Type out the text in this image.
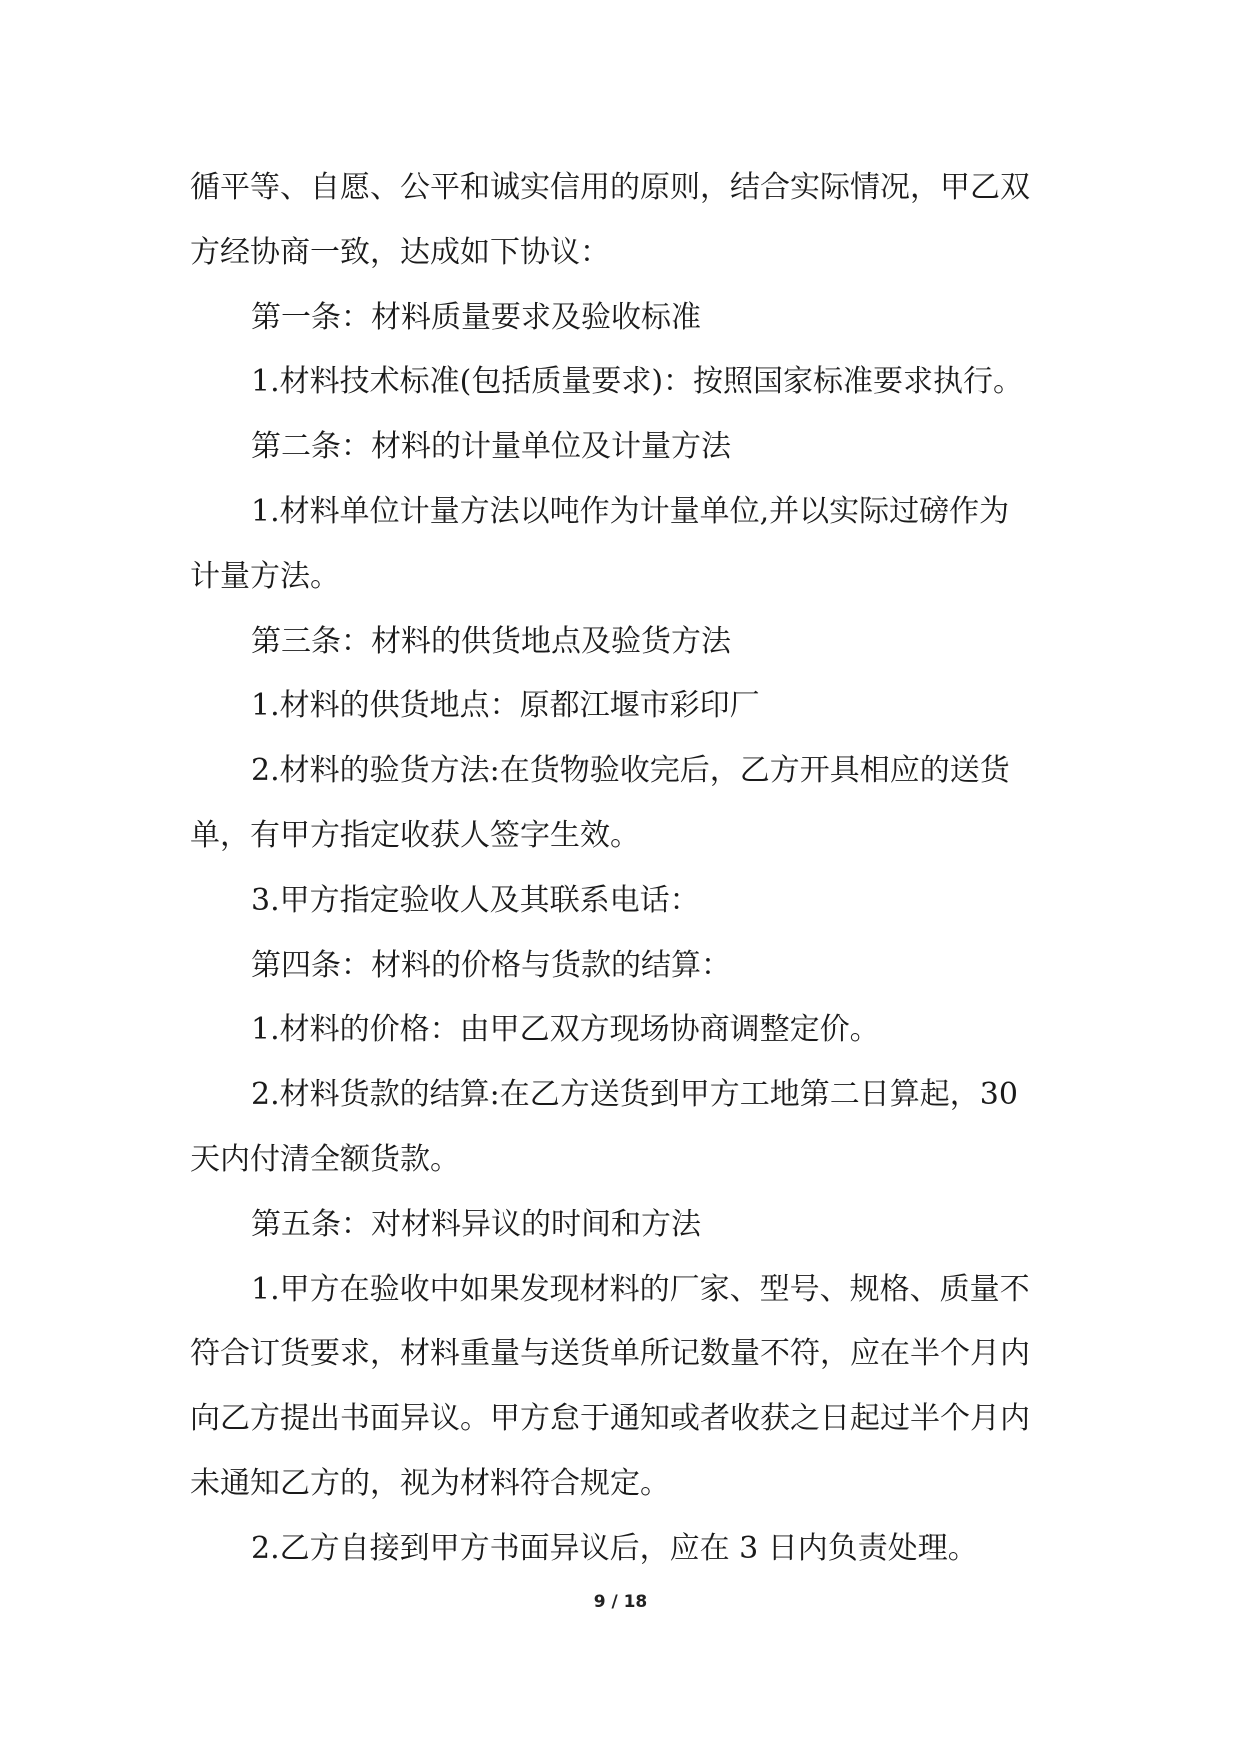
循平等、自愿、公平和诚实信用的原则，结合实际情况，甲乙双

方经协商一致，达成如下协议：

第一条：材料质量要求及验收标准

1.材料技术标准(包括质量要求)：按照国家标准要求执行。

第二条：材料的计量单位及计量方法

1.材料单位计量方法以吨作为计量单位,并以实际过磅作为

计量方法。

第三条：材料的供货地点及验货方法

1.材料的供货地点：原都江堰市彩印厂

2.材料的验货方法:在货物验收完后，乙方开具相应的送货

单，有甲方指定收获人签字生效。

3.甲方指定验收人及其联系电话：

第四条：材料的价格与货款的结算：

1.材料的价格：由甲乙双方现场协商调整定价。

2.材料货款的结算:在乙方送货到甲方工地第二日算起，30

天内付清全额货款。

第五条：对材料异议的时间和方法

1.甲方在验收中如果发现材料的厂家、型号、规格、质量不

符合订货要求，材料重量与送货单所记数量不符，应在半个月内

向乙方提出书面异议。甲方怠于通知或者收获之日起过半个月内

未通知乙方的，视为材料符合规定。

2.乙方自接到甲方书面异议后，应在 3 日内负责处理。

9 / 18
